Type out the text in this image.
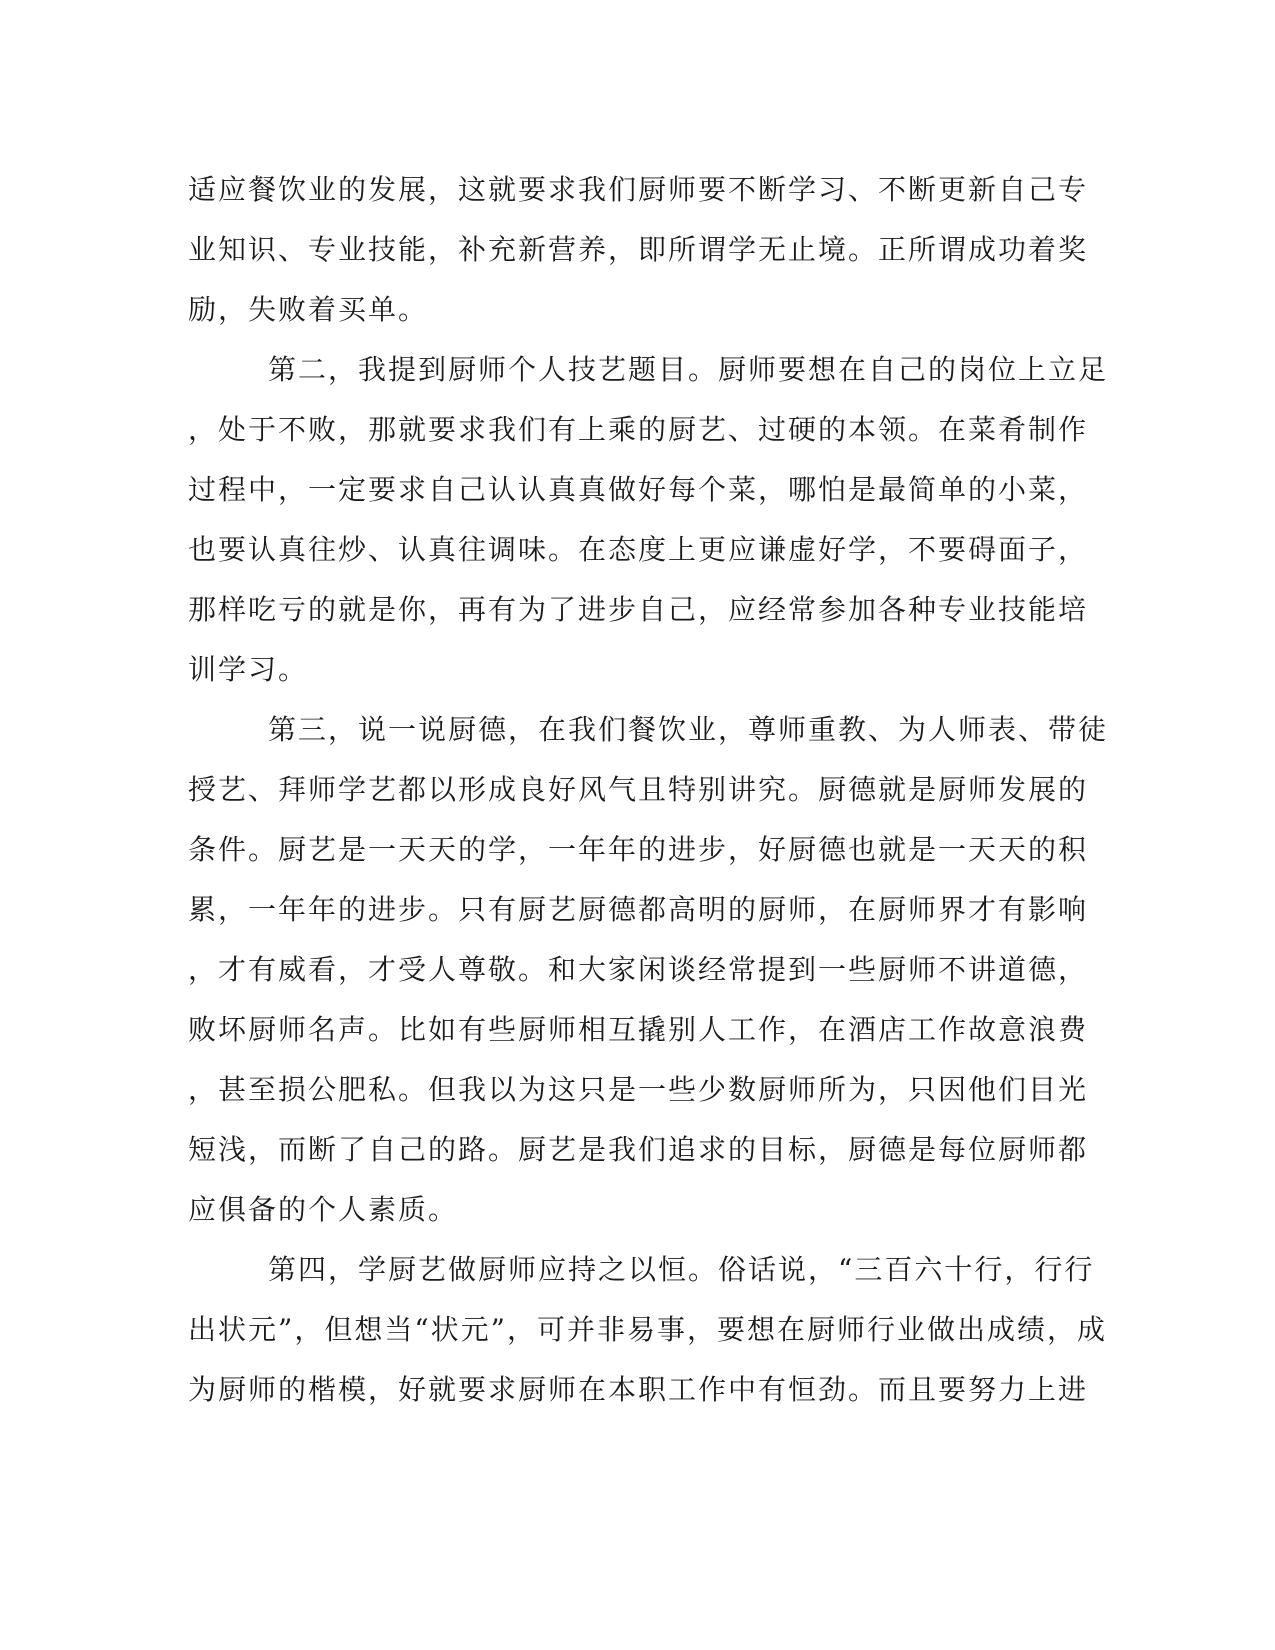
适应餐饮业的发展，这就要求我们厨师要不断学习、不断更新自己专
业知识、专业技能，补充新营养，即所谓学无止境。正所谓成功着奖
励，失败着买单。
第二，我提到厨师个人技艺题目。厨师要想在自己的岗位上立足
，处于不败，那就要求我们有上乘的厨艺、过硬的本领。在菜肴制作
过程中，一定要求自己认认真真做好每个菜，哪怕是最简单的小菜，
也要认真往炒、认真往调味。在态度上更应谦虚好学，不要碍面子，
那样吃亏的就是你，再有为了进步自己，应经常参加各种专业技能培
训学习。
第三，说一说厨德，在我们餐饮业，尊师重教、为人师表、带徒
授艺、拜师学艺都以形成良好风气且特别讲究。厨德就是厨师发展的
条件。厨艺是一天天的学，一年年的进步，好厨德也就是一天天的积
累，一年年的进步。只有厨艺厨德都高明的厨师，在厨师界才有影响
，才有威看，才受人尊敬。和大家闲谈经常提到一些厨师不讲道德，
败坏厨师名声。比如有些厨师相互撬别人工作，在酒店工作故意浪费
，甚至损公肥私。但我以为这只是一些少数厨师所为，只因他们目光
短浅，而断了自己的路。厨艺是我们追求的目标，厨德是每位厨师都
应俱备的个人素质。
第四，学厨艺做厨师应持之以恒。俗话说，“三百六十行，行行
出状元”，但想当“状元”，可并非易事，要想在厨师行业做出成绩，成
为厨师的楷模，好就要求厨师在本职工作中有恒劲。而且要努力上进
